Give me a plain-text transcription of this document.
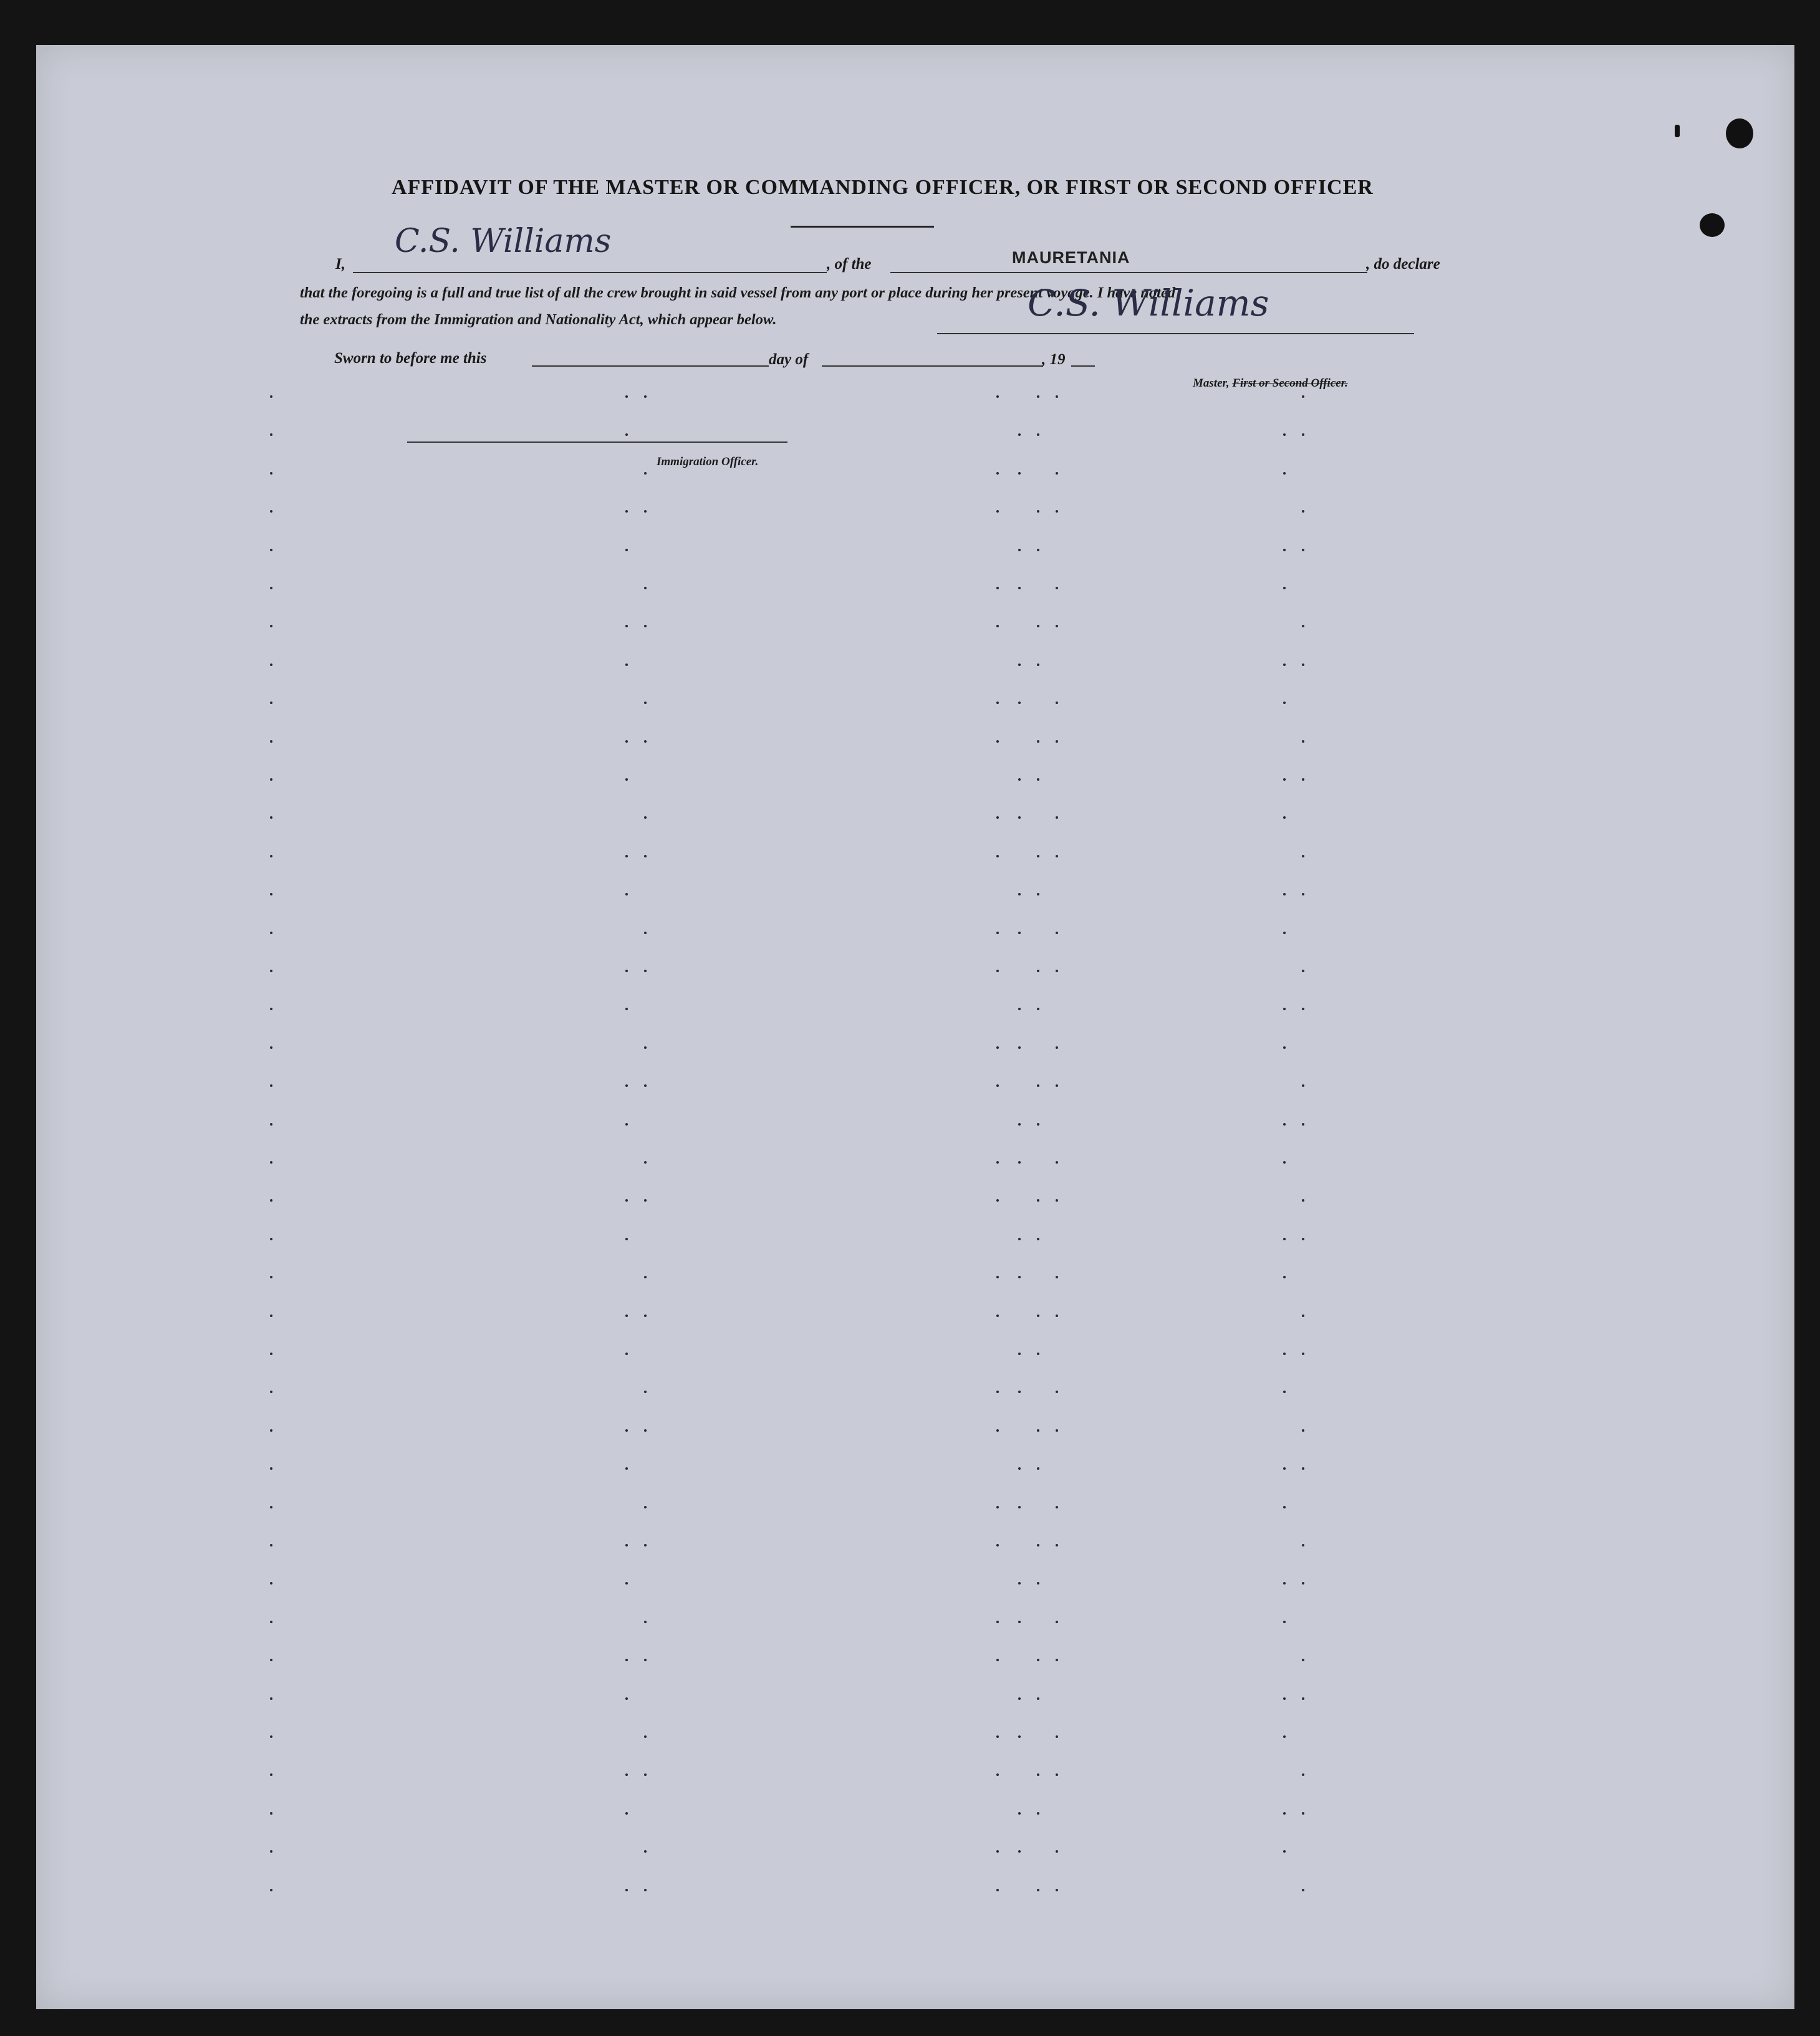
AFFIDAVIT OF THE MASTER OR COMMANDING OFFICER, OR FIRST OR SECOND OFFICER
I,
C.S. Williams
, of the	MAURETANIA	, do declare
that the foregoing is a full and true list of all the crew brought in said vessel from any port or place during her present voyage. I have noted
the extracts from the Immigration and Nationality Act, which appear below.	C.S. Williams
Master, First or Second Officer.
Sworn to before me this	day of	, 19
Immigration Officer.
